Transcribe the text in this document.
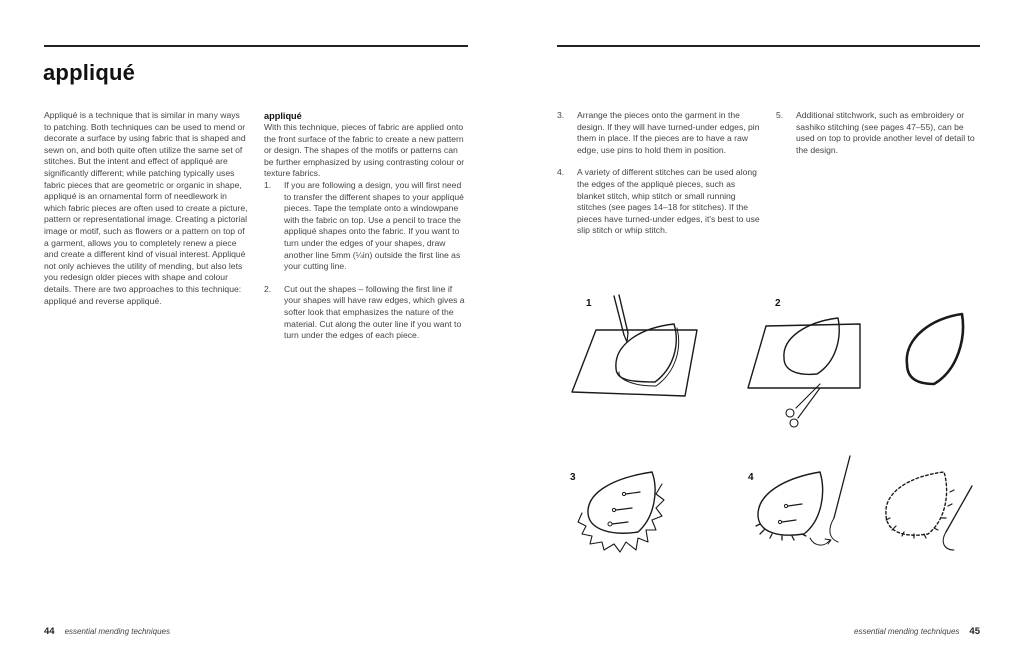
appliqué

Appliqué is a technique that is similar in many ways to patching. Both techniques can be used to mend or decorate a surface by using fabric that is shaped and sewn on, and both quite often utilize the same set of stitches. But the intent and effect of appliqué are significantly different; while patching typically uses fabric pieces that are geometric or organic in shape, appliqué is an ornamental form of needlework in which fabric pieces are often used to create a picture, pattern or representational image. Creating a pictorial image or motif, such as flowers or a pattern on top of a garment, allows you to completely renew a piece and create a different kind of visual interest. Appliqué not only achieves the utility of mending, but also lets you redesign older pieces with shape and colour details. There are two approaches to this technique: appliqué and reverse appliqué.

appliqué

With this technique, pieces of fabric are applied onto the front surface of the fabric to create a new pattern or design. The shapes of the motifs or patterns can be further emphasized by using contrasting colour or texture fabrics.

1.	If you are following a design, you will first need to transfer the different shapes to your appliqué pieces. Tape the template onto a windowpane with the fabric on top. Use a pencil to trace the appliqué shapes onto the fabric. If you want to turn under the edges of your shapes, draw another line 5mm (¼in) outside the first line as your cutting line.
2.	Cut out the shapes – following the first line if your shapes will have raw edges, which gives a softer look that emphasizes the nature of the material. Cut along the outer line if you want to turn under the edges of each piece.
44 essential mending techniques
3.	Arrange the pieces onto the garment in the design. If they will have turned-under edges, pin them in place. If the pieces are to have a raw edge, use pins to hold them in position.
4.	A variety of different stitches can be used along the edges of the appliqué pieces, such as blanket stitch, whip stitch or small running stitches (see pages 14–18 for stitches). If the pieces have turned-under edges, it's best to use slip stitch or whip stitch.
5.	Additional stitchwork, such as embroidery or sashiko stitching (see pages 47–55), can be used on top to provide another level of detail to the design.
1	2
3	4
essential mending techniques 45
